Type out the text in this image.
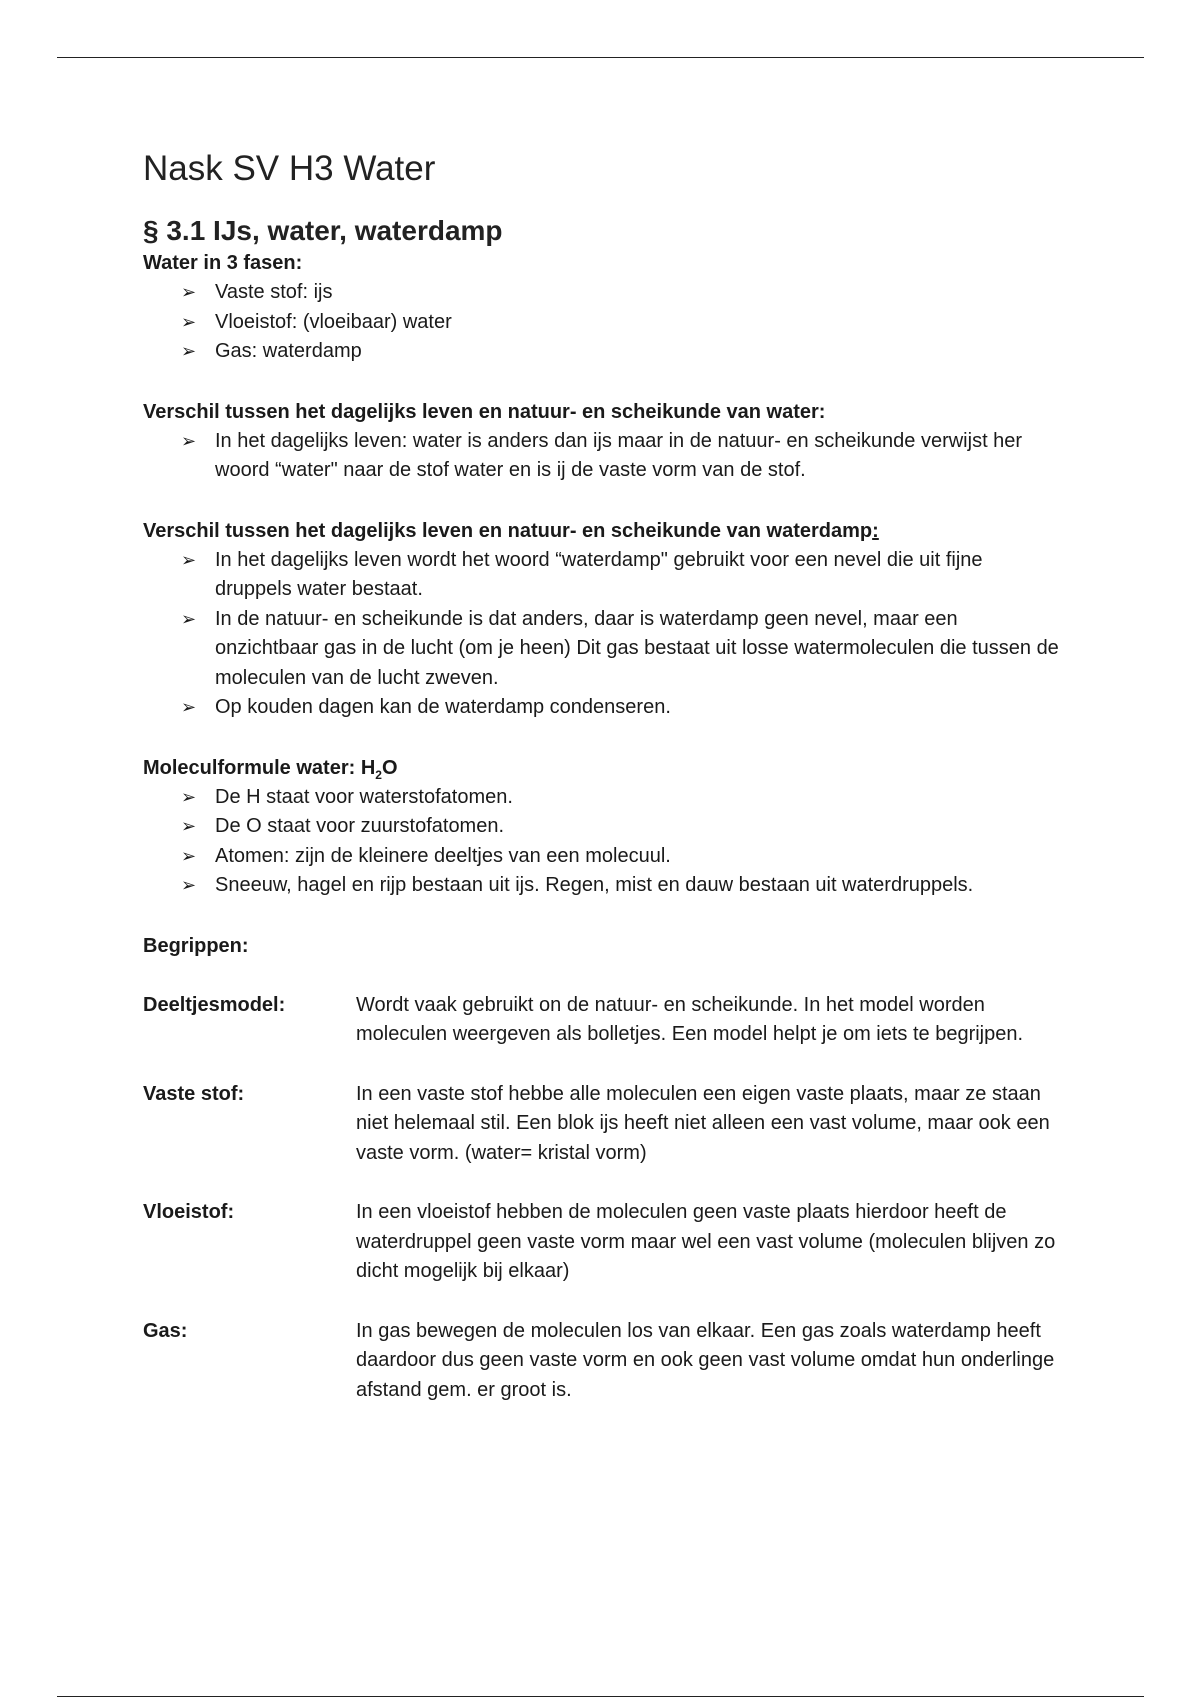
Nask SV H3 Water
§ 3.1 IJs, water, waterdamp

Water in 3 fasen:

➢ Vaste stof: ijs
➢ Vloeistof: (vloeibaar) water
➢ Gas: waterdamp

Verschil tussen het dagelijks leven en natuur- en scheikunde van water:

➢ In het dagelijks leven: water is anders dan ijs maar in de natuur- en scheikunde verwijst her woord “water" naar de stof water en is ij de vaste vorm van de stof.

Verschil tussen het dagelijks leven en natuur- en scheikunde van waterdamp:

➢ In het dagelijks leven wordt het woord “waterdamp" gebruikt voor een nevel die uit fijne druppels water bestaat.
➢ In de natuur- en scheikunde is dat anders, daar is waterdamp geen nevel, maar een onzichtbaar gas in de lucht (om je heen) Dit gas bestaat uit losse watermoleculen die tussen de moleculen van de lucht zweven.
➢ Op kouden dagen kan de waterdamp condenseren.

Moleculformule water: $H_2O$

➢ De H staat voor waterstofatomen.
➢ De O staat voor zuurstofatomen.
➢ Atomen: zijn de kleinere deeltjes van een molecuul.
➢ Sneeuw, hagel en rijp bestaan uit ijs. Regen, mist en dauw bestaan uit waterdruppels.

Begrippen:

Deeltjesmodel:	Wordt vaak gebruikt on de natuur- en scheikunde. In het model worden moleculen weergeven als bolletjes. Een model helpt je om iets te begrijpen.
Vaste stof:	In een vaste stof hebbe alle moleculen een eigen vaste plaats, maar ze staan niet helemaal stil. Een blok ijs heeft niet alleen een vast volume, maar ook een vaste vorm. (water= kristal vorm)
Vloeistof:	In een vloeistof hebben de moleculen geen vaste plaats hierdoor heeft de waterdruppel geen vaste vorm maar wel een vast volume (moleculen blijven zo dicht mogelijk bij elkaar)
Gas:	In gas bewegen de moleculen los van elkaar. Een gas zoals waterdamp heeft daardoor dus geen vaste vorm en ook geen vast volume omdat hun onderlinge afstand gem. er groot is.
